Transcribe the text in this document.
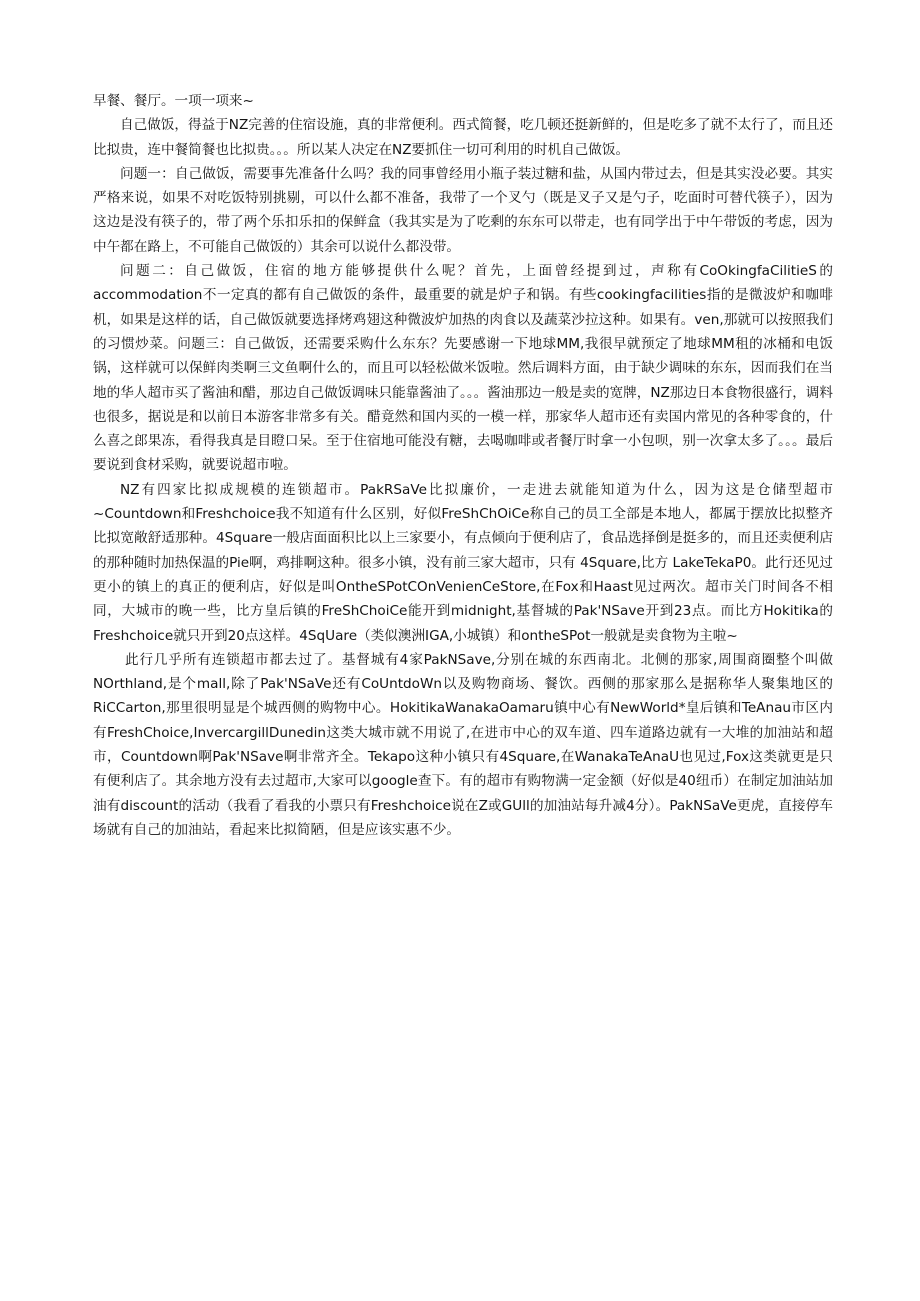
早餐、餐厅。一项一项来~

自己做饭，得益于NZ完善的住宿设施，真的非常便利。西式简餐，吃几顿还挺新鲜的，但是吃多了就不太行了，而且还比拟贵，连中餐简餐也比拟贵。。。所以某人决定在NZ要抓住一切可利用的时机自己做饭。

问题一：自己做饭，需要事先准备什么吗？我的同事曾经用小瓶子装过糖和盐，从国内带过去，但是其实没必要。其实严格来说，如果不对吃饭特别挑剔，可以什么都不准备，我带了一个叉勺（既是叉子又是勺子，吃面时可替代筷子），因为这边是没有筷子的，带了两个乐扣乐扣的保鲜盒（我其实是为了吃剩的东东可以带走，也有同学出于中午带饭的考虑，因为中午都在路上，不可能自己做饭的）其余可以说什么都没带。

问题二：自己做饭，住宿的地方能够提供什么呢？首先，上面曾经提到过，声称有CoOkingfaCilitieS的accommodation不一定真的都有自己做饭的条件，最重要的就是炉子和锅。有些cookingfacilities指的是微波炉和咖啡机，如果是这样的话，自己做饭就要选择烤鸡翅这种微波炉加热的肉食以及蔬菜沙拉这种。如果有。ven,那就可以按照我们的习惯炒菜。问题三：自己做饭，还需要采购什么东东？先要感谢一下地球MM,我很早就预定了地球MM租的冰桶和电饭锅，这样就可以保鲜肉类啊三文鱼啊什么的，而且可以轻松做米饭啦。然后调料方面，由于缺少调味的东东，因而我们在当地的华人超市买了酱油和醋，那边自己做饭调味只能靠酱油了。。。酱油那边一般是卖的宽牌，NZ那边日本食物很盛行，调料也很多，据说是和以前日本游客非常多有关。醋竟然和国内买的一模一样，那家华人超市还有卖国内常见的各种零食的，什么喜之郎果冻，看得我真是目瞪口呆。至于住宿地可能没有糖，去喝咖啡或者餐厅时拿一小包呗，别一次拿太多了。。。最后要说到食材采购，就要说超市啦。

NZ有四家比拟成规模的连锁超市。PakRSaVe比拟廉价，一走进去就能知道为什么，因为这是仓储型超市~Countdown和Freshchoice我不知道有什么区别，好似FreShChOiCe称自己的员工全部是本地人，都属于摆放比拟整齐比拟宽敞舒适那种。4Square一般店面面积比以上三家要小，有点倾向于便利店了，食品选择倒是挺多的，而且还卖便利店的那种随时加热保温的Pie啊，鸡排啊这种。很多小镇，没有前三家大超市，只有 4Square,比方 LakeTekaP0。此行还见过更小的镇上的真正的便利店，好似是叫OntheSPotCOnVenienCeStore,在Fox和Haast见过两次。超市关门时间各不相同，大城市的晚一些，比方皇后镇的FreShChoiCe能开到midnight,基督城的Pak'NSave开到23点。而比方Hokitika的Freshchoice就只开到20点这样。4SqUare（类似澳洲IGA,小城镇）和ontheSPot一般就是卖食物为主啦~

此行几乎所有连锁超市都去过了。基督城有4家PakNSave,分别在城的东西南北。北侧的那家,周围商圈整个叫做NOrthland,是个mall,除了Pak'NSaVe还有CoUntdoWn以及购物商场、餐饮。西侧的那家那么是据称华人聚集地区的RiCCarton,那里很明显是个城西侧的购物中心。HokitikaWanakaOamaru镇中心有NewWorld*皇后镇和TeAnau市区内有FreshChoice,InvercargillDunedin这类大城市就不用说了,在进市中心的双车道、四车道路边就有一大堆的加油站和超市，Countdown啊Pak'NSave啊非常齐全。Tekapo这种小镇只有4Square,在WanakaTeAnaU也见过,Fox这类就更是只有便利店了。其余地方没有去过超市,大家可以google查下。有的超市有购物满一定金额（好似是40纽币）在制定加油站加油有discount的活动（我看了看我的小票只有Freshchoice说在Z或GUll的加油站每升减4分）。PakNSaVe更虎，直接停车场就有自己的加油站，看起来比拟简陋，但是应该实惠不少。
